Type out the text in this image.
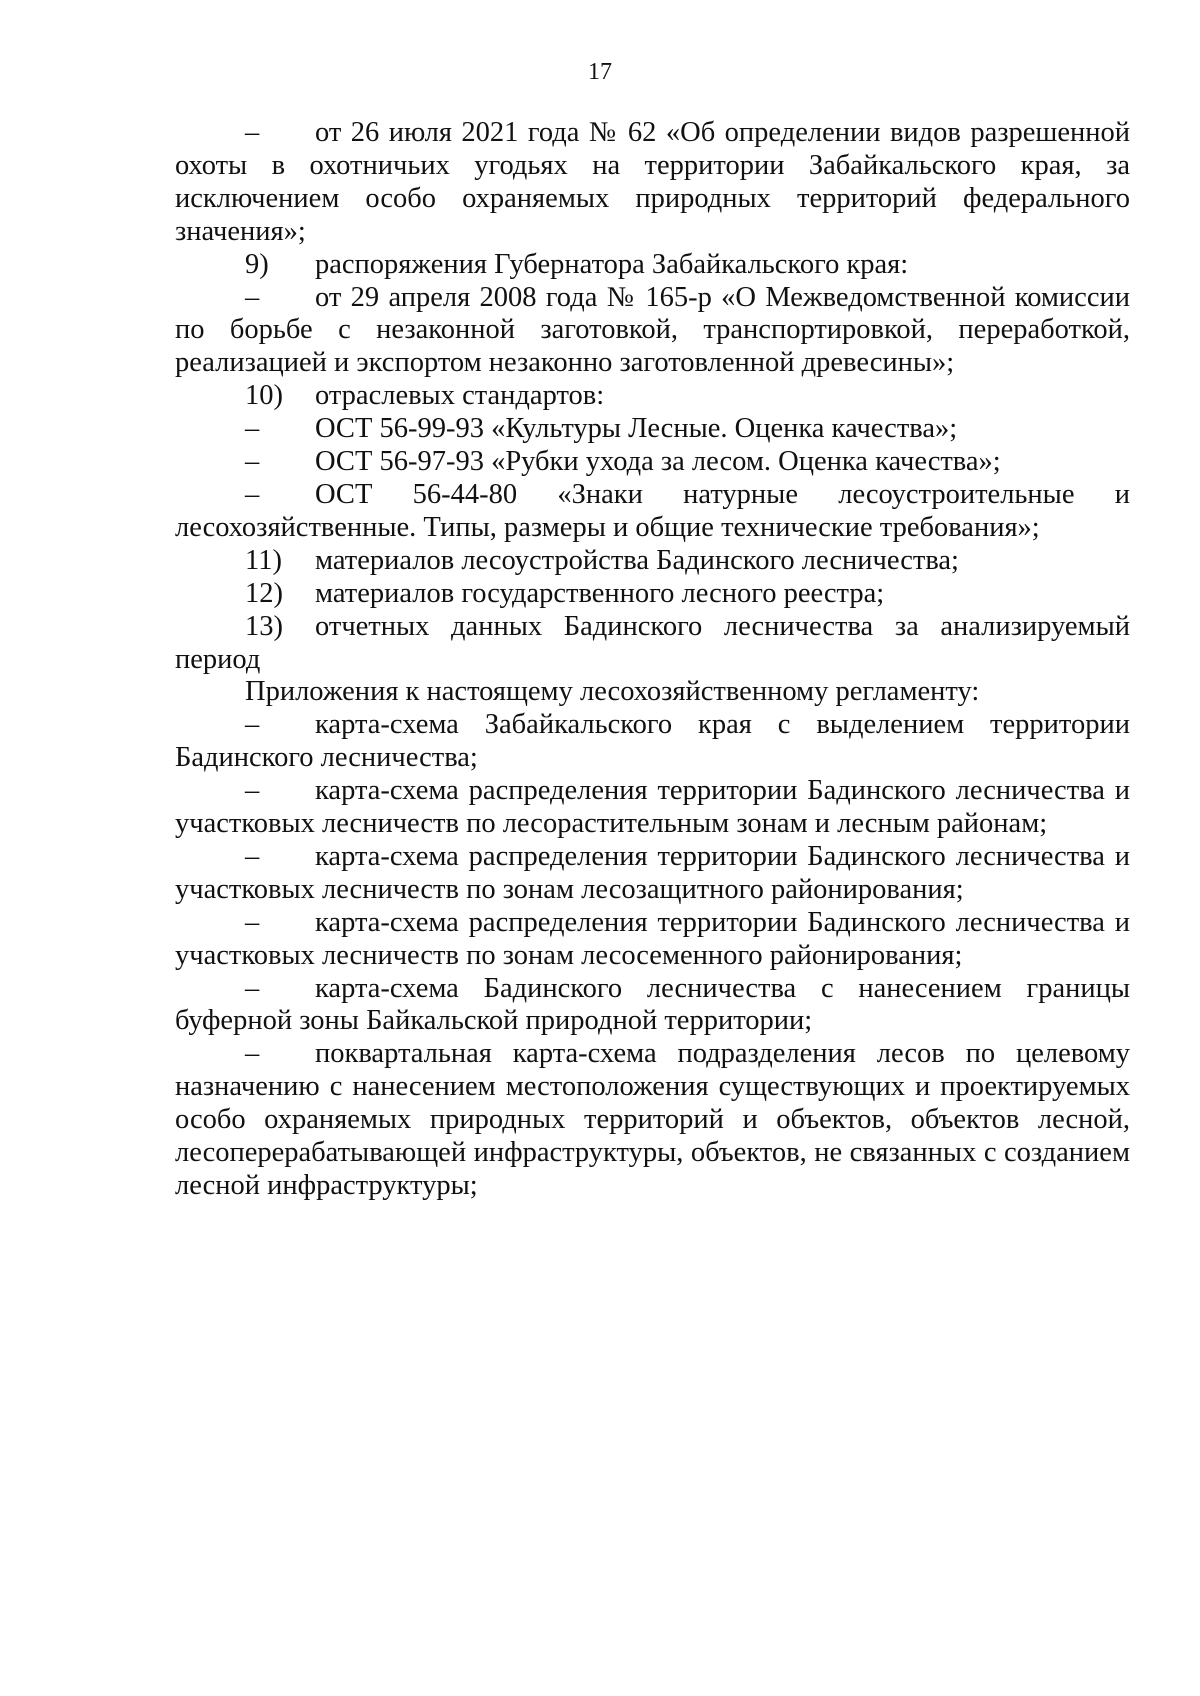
17

– от 26 июля 2021 года № 62 «Об определении видов разрешенной охоты в охотничьих угодьях на территории Забайкальского края, за исключением особо охраняемых природных территорий федерального значения»;

9) распоряжения Губернатора Забайкальского края:

– от 29 апреля 2008 года № 165-р «О Межведомственной комиссии по борьбе с незаконной заготовкой, транспортировкой, переработкой, реализацией и экспортом незаконно заготовленной древесины»;

10) отраслевых стандартов:

– ОСТ 56-99-93 «Культуры Лесные. Оценка качества»;

– ОСТ 56-97-93 «Рубки ухода за лесом. Оценка качества»;

– ОСТ 56-44-80 «Знаки натурные лесоустроительные и лесохозяйственные. Типы, размеры и общие технические требования»;

11) материалов лесоустройства Бадинского лесничества;

12) материалов государственного лесного реестра;

13) отчетных данных Бадинского лесничества за анализируемый период

Приложения к настоящему лесохозяйственному регламенту:

– карта-схема Забайкальского края с выделением территории Бадинского лесничества;

– карта-схема распределения территории Бадинского лесничества и участковых лесничеств по лесорастительным зонам и лесным районам;

– карта-схема распределения территории Бадинского лесничества и участковых лесничеств по зонам лесозащитного районирования;

– карта-схема распределения территории Бадинского лесничества и участковых лесничеств по зонам лесосеменного районирования;

– карта-схема Бадинского лесничества с нанесением границы буферной зоны Байкальской природной территории;

– поквартальная карта-схема подразделения лесов по целевому назначению с нанесением местоположения существующих и проектируемых особо охраняемых природных территорий и объектов, объектов лесной, лесоперерабатывающей инфраструктуры, объектов, не связанных с созданием лесной инфраструктуры;
